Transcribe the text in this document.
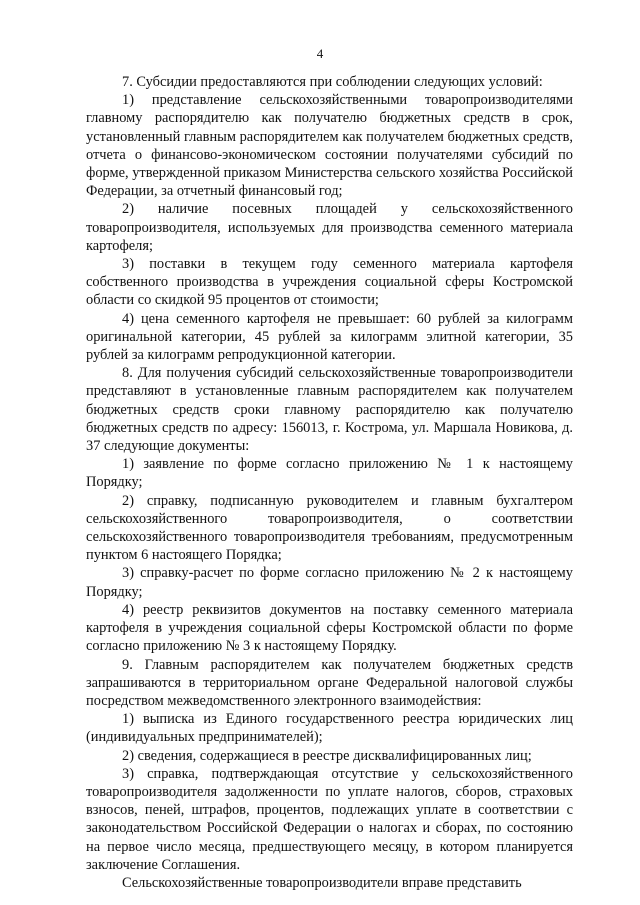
4

7. Субсидии предоставляются при соблюдении следующих условий:

1) представление сельскохозяйственными товаропроизводителями главному распорядителю как получателю бюджетных средств в срок, установленный главным распорядителем как получателем бюджетных средств, отчета о финансово-экономическом состоянии получателями субсидий по форме, утвержденной приказом Министерства сельского хозяйства Российской Федерации, за отчетный финансовый год;

2) наличие посевных площадей у сельскохозяйственного товаропроизводителя, используемых для производства семенного материала картофеля;

3) поставки в текущем году семенного материала картофеля собственного производства в учреждения социальной сферы Костромской области со скидкой 95 процентов от стоимости;

4) цена семенного картофеля не превышает: 60 рублей за килограмм оригинальной категории, 45 рублей за килограмм элитной категории, 35 рублей за килограмм репродукционной категории.

8. Для получения субсидий сельскохозяйственные товаропроизводители представляют в установленные главным распорядителем как получателем бюджетных средств сроки главному распорядителю как получателю бюджетных средств по адресу: 156013, г. Кострома, ул. Маршала Новикова, д. 37 следующие документы:

1) заявление по форме согласно приложению № 1 к настоящему Порядку;

2) справку, подписанную руководителем и главным бухгалтером сельскохозяйственного товаропроизводителя, о соответствии сельскохозяйственного товаропроизводителя требованиям, предусмотренным пунктом 6 настоящего Порядка;

3) справку-расчет по форме согласно приложению № 2 к настоящему Порядку;

4) реестр реквизитов документов на поставку семенного материала картофеля в учреждения социальной сферы Костромской области по форме согласно приложению № 3 к настоящему Порядку.

9. Главным распорядителем как получателем бюджетных средств запрашиваются в территориальном органе Федеральной налоговой службы посредством межведомственного электронного взаимодействия:

1) выписка из Единого государственного реестра юридических лиц (индивидуальных предпринимателей);

2) сведения, содержащиеся в реестре дисквалифицированных лиц;

3) справка, подтверждающая отсутствие у сельскохозяйственного товаропроизводителя задолженности по уплате налогов, сборов, страховых взносов, пеней, штрафов, процентов, подлежащих уплате в соответствии с законодательством Российской Федерации о налогах и сборах, по состоянию на первое число месяца, предшествующего месяцу, в котором планируется заключение Соглашения.

Сельскохозяйственные товаропроизводители вправе представить
